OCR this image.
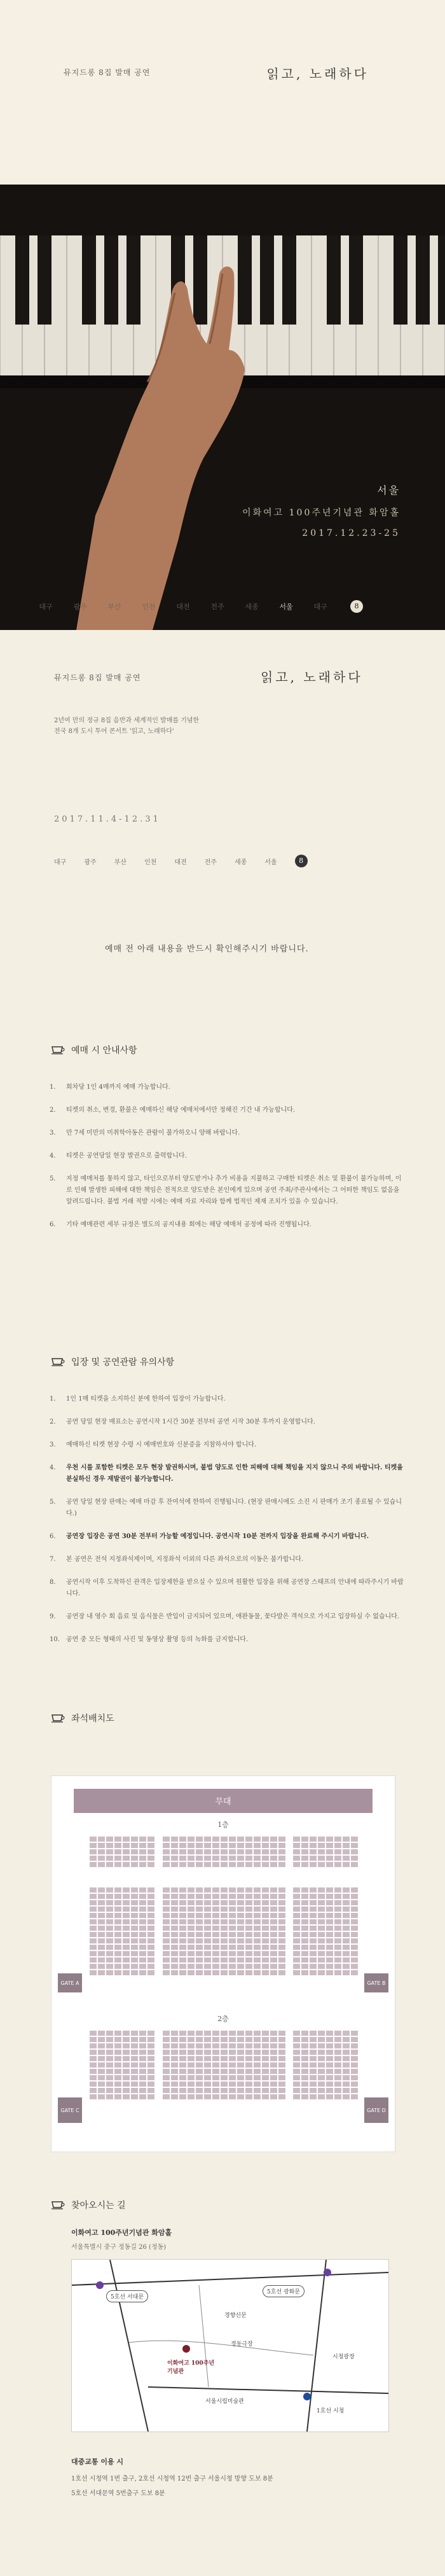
뮤지드롱 8집 발매 공연	읽고, 노래하다
서울
이화여고 100주년기념관 화암홀
2017.12.23-25
대구	광주	부산	인천	대전	전주	세종	서울	대구	8
뮤지드롱 8집 발매 공연	읽고, 노래하다
2년여 만의 정규 8집 음반과 세계적인 발매를 기념한
전국 8개 도시 투어 콘서트 '읽고, 노래하다'
2017.11.4-12.31
대구	광주	부산	인천	대전	전주	세종	서울	8
예매 전 아래 내용을 반드시 확인해주시기 바랍니다.
예매 시 안내사항
1.	회차당 1인 4매까지 예매 가능합니다.
2.	티켓의 취소, 변경, 환불은 예매하신 해당 예매처에서만 정해진 기간 내 가능합니다.
3.	만 7세 미만의 미취학아동은 관람이 불가하오니 양해 바랍니다.
4.	티켓은 공연당일 현장 발권으로 출력합니다.
5.	지정 예매처를 통하지 않고, 타인으로부터 양도받거나 추가 비용을 지불하고 구매한 티켓은 취소 및 환불이 불가능하며, 이로 인해 발생한 피해에 대한 책임은 전적으로 양도받은 본인에게 있으며 공연 주최/주관사에서는 그 어떠한 책임도 없음을 알려드립니다. 불법 거래 적발 시에는 예매 자료 자리와 함께 법적인 제재 조치가 있을 수 있습니다.
6.	기타 예매관련 세부 규정은 별도의 공지내용 회에는 해당 예매처 공정에 따라 진행됩니다.
입장 및 공연관람 유의사항
1.	1인 1매 티켓을 소지하신 분에 한하여 입장이 가능합니다.
2.	공연 당일 현장 매표소는 공연시작 1시간 30분 전부터 공연 시작 30분 후까지 운영합니다.
3.	예매하신 티켓 현장 수령 시 예매번호와 신분증을 지참하셔야 합니다.
4.	우천 시를 포함한 티켓은 모두 현장 발권하시며, 불법 양도로 인한 피해에 대해 책임을 지지 않으니 주의 바랍니다. 티켓을 분실하신 경우 재발권이 불가능합니다.
5.	공연 당일 현장 판매는 예매 마감 후 잔여석에 한하여 진행됩니다. (현장 판매시에도 소진 시 판매가 조기 종료될 수 있습니다.)
6.	공연장 입장은 공연 30분 전부터 가능할 예정입니다. 공연시작 10분 전까지 입장을 완료해 주시기 바랍니다.
7.	본 공연은 전석 지정좌석제이며, 지정좌석 이외의 다른 좌석으로의 이동은 불가합니다.
8.	공연시작 이후 도착하신 관객은 입장제한을 받으실 수 있으며 원활한 입장을 위해 공연장 스태프의 안내에 따라주시기 바랍니다.
9.	공연장 내 영수 회 음료 및 음식물은 반입이 금지되어 있으며, 애완동물, 꽃다발은 객석으로 가지고 입장하실 수 없습니다.
10.	공연 중 모든 형태의 사진 및 동영상 촬영 등의 녹화를 금지합니다.
좌석배치도
무대
1층
2층
GATE A	GATE B
GATE C	GATE D
찾아오시는 길
이화여고 100주년기념관 화암홀
서울특별시 중구 정동길 26 (정동)
5호선 서대문
5호선 광화문
경향신문
정동극장
이화여고 100주년 기념관
시청광장
서울시립미술관
1호선 시청
대중교통 이용 시
1호선 시청역 1번 출구, 2호선 시청역 12번 출구 서울시청 방향 도보 8분
5호선 서대문역 5번출구 도보 8분
